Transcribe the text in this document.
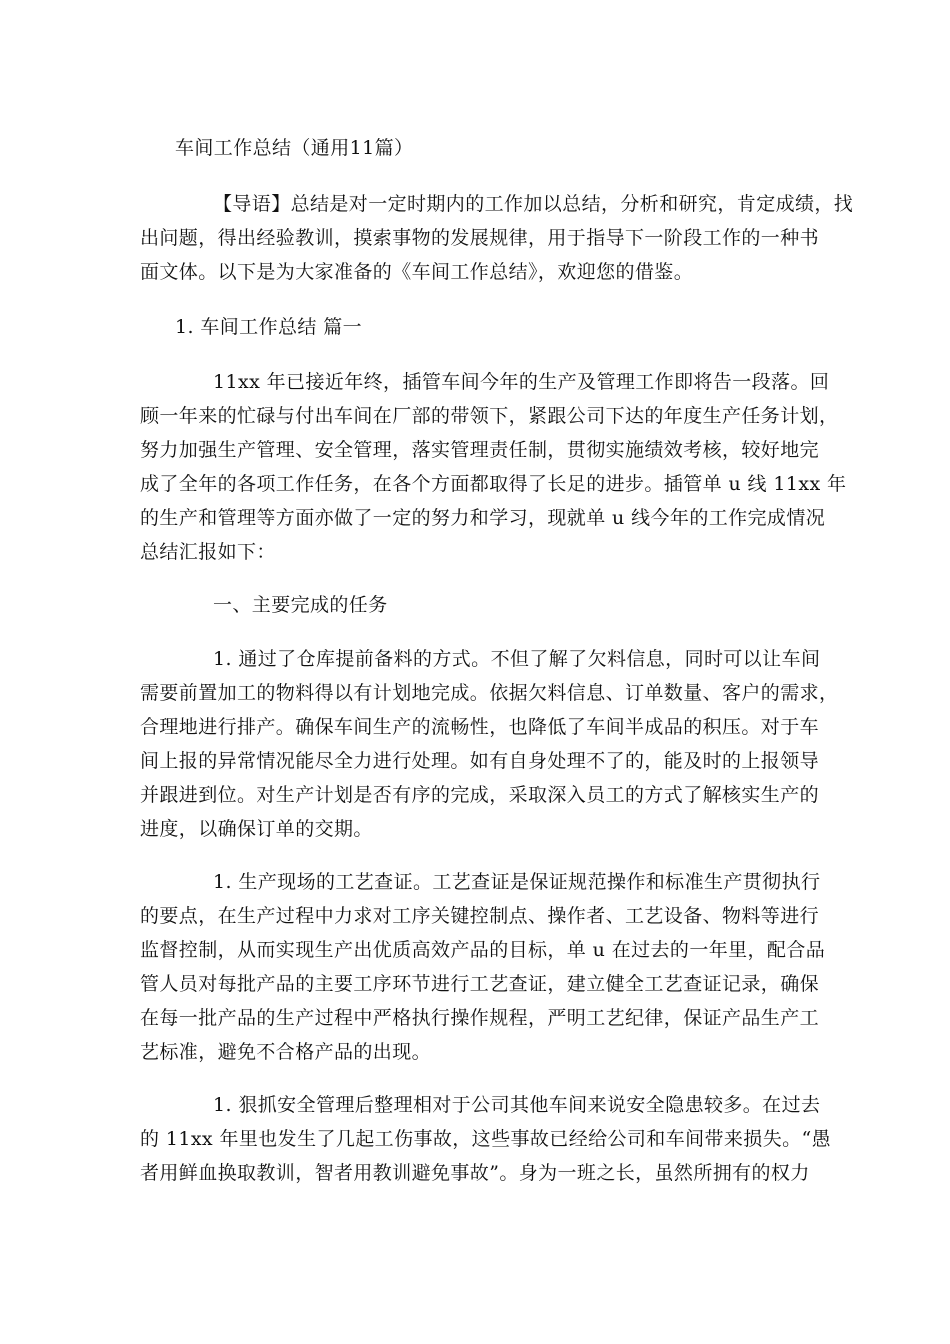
车间工作总结（通用11篇）
【导语】总结是对一定时期内的工作加以总结，分析和研究，肯定成绩，找
出问题，得出经验教训，摸索事物的发展规律，用于指导下一阶段工作的一种书
面文体。以下是为大家准备的《车间工作总结》，欢迎您的借鉴。
1. 车间工作总结 篇一
11xx 年已接近年终，插管车间今年的生产及管理工作即将告一段落。回
顾一年来的忙碌与付出车间在厂部的带领下，紧跟公司下达的年度生产任务计划，
努力加强生产管理、安全管理，落实管理责任制，贯彻实施绩效考核，较好地完
成了全年的各项工作任务，在各个方面都取得了长足的进步。插管单 u 线 11xx 年
的生产和管理等方面亦做了一定的努力和学习，现就单 u 线今年的工作完成情况
总结汇报如下：
一、主要完成的任务
1. 通过了仓库提前备料的方式。不但了解了欠料信息，同时可以让车间
需要前置加工的物料得以有计划地完成。依据欠料信息、订单数量、客户的需求，
合理地进行排产。确保车间生产的流畅性，也降低了车间半成品的积压。对于车
间上报的异常情况能尽全力进行处理。如有自身处理不了的，能及时的上报领导
并跟进到位。对生产计划是否有序的完成，采取深入员工的方式了解核实生产的
进度，以确保订单的交期。
1. 生产现场的工艺查证。工艺查证是保证规范操作和标准生产贯彻执行
的要点，在生产过程中力求对工序关键控制点、操作者、工艺设备、物料等进行
监督控制，从而实现生产出优质高效产品的目标，单 u 在过去的一年里，配合品
管人员对每批产品的主要工序环节进行工艺查证，建立健全工艺查证记录，确保
在每一批产品的生产过程中严格执行操作规程，严明工艺纪律，保证产品生产工
艺标准，避免不合格产品的出现。
1. 狠抓安全管理后整理相对于公司其他车间来说安全隐患较多。在过去
的 11xx 年里也发生了几起工伤事故，这些事故已经给公司和车间带来损失。“愚
者用鲜血换取教训，智者用教训避免事故”。身为一班之长，虽然所拥有的权力
